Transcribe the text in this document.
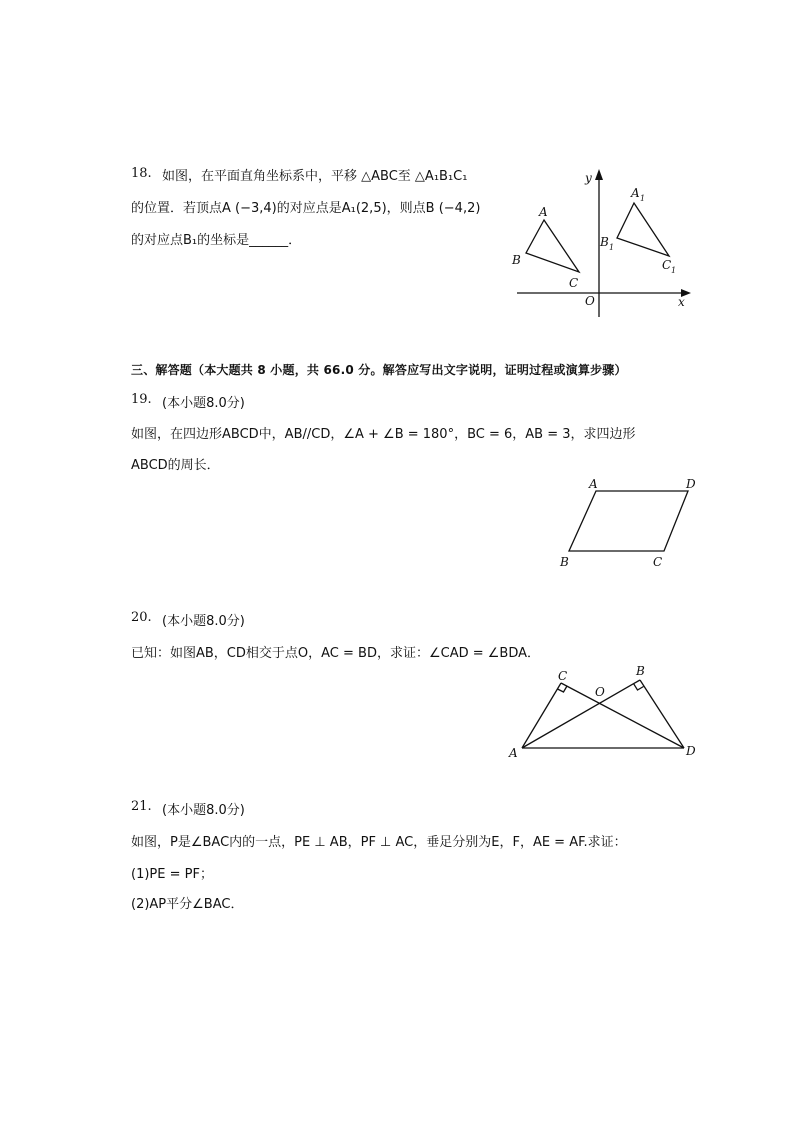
18. 如图，在平面直角坐标系中，平移 △ABC至 △A₁B₁C₁
的位置．若顶点A (−3,4)的对应点是A₁(2,5)，则点B (−4,2)
的对应点B₁的坐标是______．
y
x
O
A
B
C
A 1
B 1
C 1
三、解答题（本大题共 8 小题，共 66.0 分。解答应写出文字说明，证明过程或演算步骤）
19. (本小题8.0分)
如图，在四边形ABCD中，AB//CD，∠A + ∠B = 180°，BC = 6，AB = 3，求四边形
ABCD的周长．
A	D
B	C
20. (本小题8.0分)
已知：如图AB，CD相交于点O，AC = BD，求证：∠CAD = ∠BDA．
C	B
O
A	D
21. (本小题8.0分)
如图，P是∠BAC内的一点，PE ⊥ AB，PF ⊥ AC，垂足分别为E，F，AE = AF.求证：
(1)PE = PF；
(2)AP平分∠BAC．
